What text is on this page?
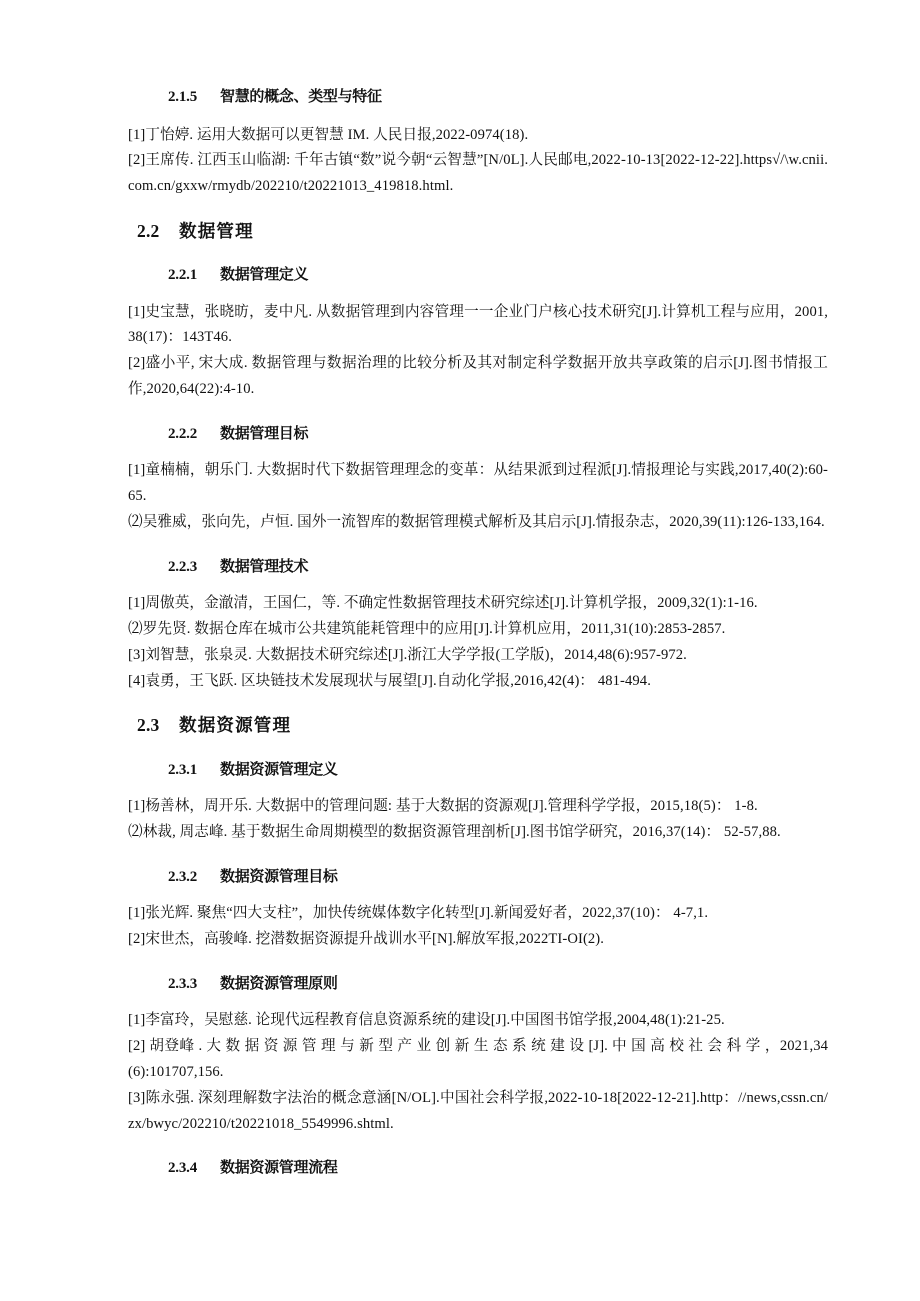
2.1.5 智慧的概念、类型与特征

[1]丁怡婷. 运用大数据可以更智慧 IM. 人民日报,2022-0974(18).

[2]王席传. 江西玉山临湖: 千年古镇“数”说今朝“云智慧”[N/0L].人民邮电,2022-10-13[2022-12-22].https√/\w.cnii.com.cn/gxxw/rmydb/202210/t20221013_419818.html.

2.2 数据管理
2.2.1 数据管理定义

[1]史宝慧，张晓昉，麦中凡. 从数据管理到内容管理一一企业门户核心技术研究[J].计算机工程与应用，2001,38(17)：143T46.

[2]盛小平, 宋大成. 数据管理与数据治理的比较分析及其对制定科学数据开放共享政策的启示[J].图书情报工作,2020,64(22):4-10.

2.2.2 数据管理目标

[1]童楠楠，朝乐门. 大数据时代下数据管理理念的变革：从结果派到过程派[J].情报理论与实践,2017,40(2):60-65.

⑵吴雅威，张向先，卢恒. 国外一流智库的数据管理模式解析及其启示[J].情报杂志，2020,39(11):126-133,164.

2.2.3 数据管理技术

[1]周傲英，金澈清，王国仁，等. 不确定性数据管理技术研究综述[J].计算机学报，2009,32(1):1-16.

⑵罗先贤. 数据仓库在城市公共建筑能耗管理中的应用[J].计算机应用，2011,31(10):2853-2857.

[3]刘智慧，张泉灵. 大数据技术研究综述[J].浙江大学学报(工学版)，2014,48(6):957-972.

[4]袁勇，王飞跃. 区块链技术发展现状与展望[J].自动化学报,2016,42(4)： 481-494.

2.3 数据资源管理
2.3.1 数据资源管理定义

[1]杨善林，周开乐. 大数据中的管理问题: 基于大数据的资源观[J].管理科学学报，2015,18(5)： 1-8.

⑵林裁, 周志峰. 基于数据生命周期模型的数据资源管理剖析[J].图书馆学研究，2016,37(14)： 52-57,88.

2.3.2 数据资源管理目标

[1]张光辉. 聚焦“四大支柱”，加快传统媒体数字化转型[J].新闻爱好者，2022,37(10)： 4-7,1.

[2]宋世杰，高骏峰. 挖潜数据资源提升战训水平[N].解放军报,2022TI-OI(2).

2.3.3 数据资源管理原则

[1]李富玲，吴慰慈. 论现代远程教育信息资源系统的建设[J].中国图书馆学报,2004,48(1):21-25.

[2] 胡登峰 . 大 数 据 资 源 管 理 与 新 型 产 业 创 新 生 态 系 统 建 设 [J]. 中 国 高 校 社 会 科 学 ，2021,34(6):101707,156.

[3]陈永强. 深刻理解数字法治的概念意涵[N/OL].中国社会科学报,2022-10-18[2022-12-21].http：//news,cssn.cn/zx/bwyc/202210/t20221018_5549996.shtml.

2.3.4 数据资源管理流程
